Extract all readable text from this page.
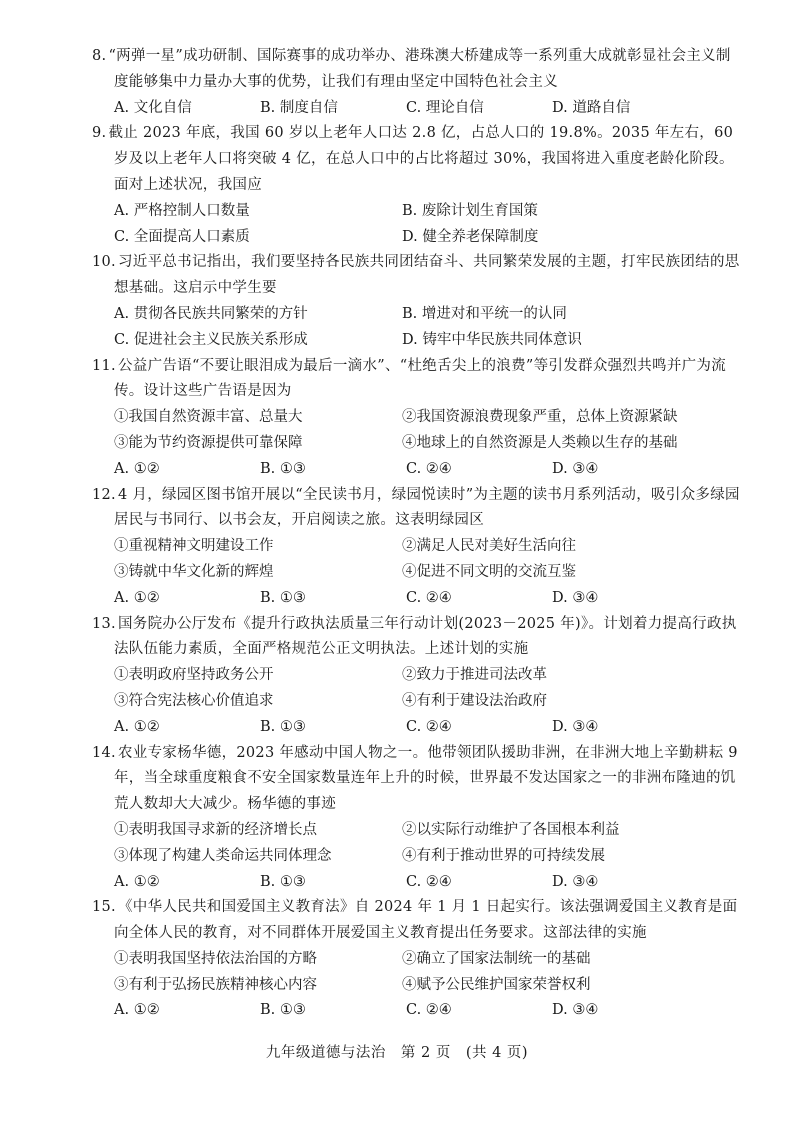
8. “两弹一星”成功研制、国际赛事的成功举办、港珠澳大桥建成等一系列重大成就彰显社会主义制度能够集中力量办大事的优势，让我们有理由坚定中国特色社会主义

A. 文化自信	B. 制度自信	C. 理论自信	D. 道路自信

9. 截止 2023 年底，我国 60 岁以上老年人口达 2.8 亿，占总人口的 19.8%。2035 年左右，60 岁及以上老年人口将突破 4 亿，在总人口中的占比将超过 30%，我国将进入重度老龄化阶段。面对上述状况，我国应

A. 严格控制人口数量	B. 废除计划生育国策
C. 全面提高人口素质	D. 健全养老保障制度

10. 习近平总书记指出，我们要坚持各民族共同团结奋斗、共同繁荣发展的主题，打牢民族团结的思想基础。这启示中学生要

A. 贯彻各民族共同繁荣的方针	B. 增进对和平统一的认同
C. 促进社会主义民族关系形成	D. 铸牢中华民族共同体意识

11. 公益广告语“不要让眼泪成为最后一滴水”、“杜绝舌尖上的浪费”等引发群众强烈共鸣并广为流传。设计这些广告语是因为

①我国自然资源丰富、总量大	②我国资源浪费现象严重，总体上资源紧缺
③能为节约资源提供可靠保障	④地球上的自然资源是人类赖以生存的基础
A. ①②	B. ①③	C. ②④	D. ③④

12. 4 月，绿园区图书馆开展以“全民读书月，绿园悦读时”为主题的读书月系列活动，吸引众多绿园居民与书同行、以书会友，开启阅读之旅。这表明绿园区

①重视精神文明建设工作	②满足人民对美好生活向往
③铸就中华文化新的辉煌	④促进不同文明的交流互鉴
A. ①②	B. ①③	C. ②④	D. ③④

13. 国务院办公厅发布《提升行政执法质量三年行动计划(2023－2025 年)》。计划着力提高行政执法队伍能力素质，全面严格规范公正文明执法。上述计划的实施

①表明政府坚持政务公开	②致力于推进司法改革
③符合宪法核心价值追求	④有利于建设法治政府
A. ①②	B. ①③	C. ②④	D. ③④

14. 农业专家杨华德，2023 年感动中国人物之一。他带领团队援助非洲，在非洲大地上辛勤耕耘 9 年，当全球重度粮食不安全国家数量连年上升的时候，世界最不发达国家之一的非洲布隆迪的饥荒人数却大大减少。杨华德的事迹

①表明我国寻求新的经济增长点	②以实际行动维护了各国根本利益
③体现了构建人类命运共同体理念	④有利于推动世界的可持续发展
A. ①②	B. ①③	C. ②④	D. ③④

15. 《中华人民共和国爱国主义教育法》自 2024 年 1 月 1 日起实行。该法强调爱国主义教育是面向全体人民的教育，对不同群体开展爱国主义教育提出任务要求。这部法律的实施

①表明我国坚持依法治国的方略	②确立了国家法制统一的基础
③有利于弘扬民族精神核心内容	④赋予公民维护国家荣誉权利
A. ①②	B. ①③	C. ②④	D. ③④
九年级道德与法治　第 2 页　(共 4 页)
